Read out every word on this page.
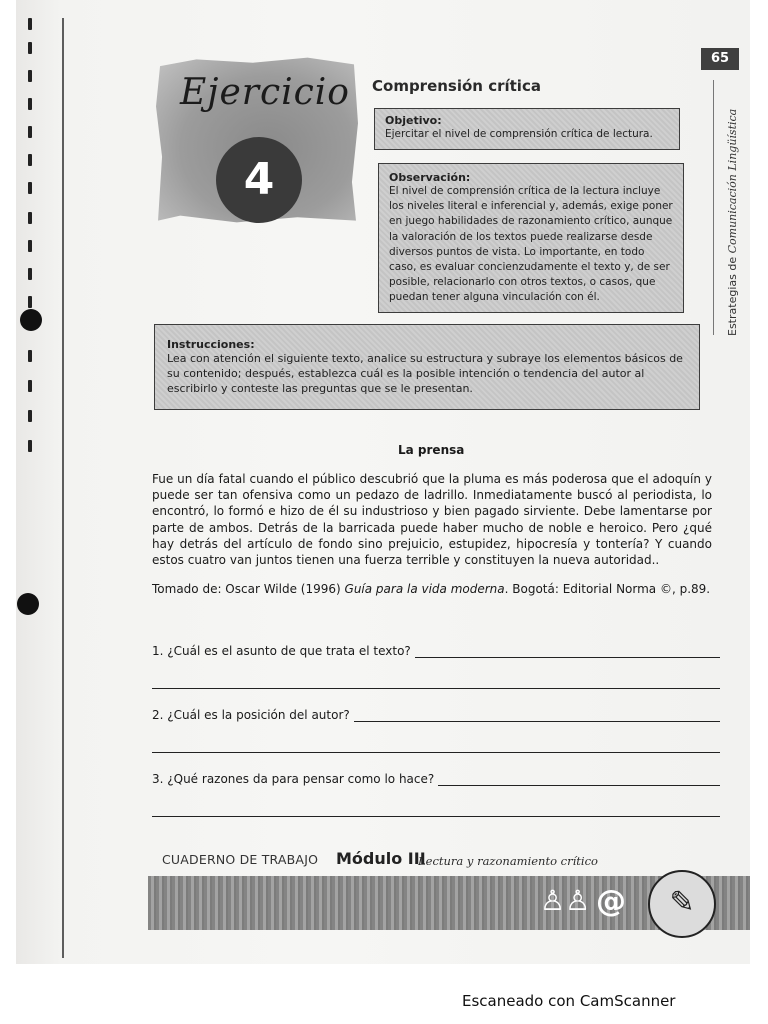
65
Estrategias de Comunicación Lingüística
Ejercicio
4
Comprensión crítica
Objetivo:
Ejercitar el nivel de comprensión crítica de lectura.
Observación:
El nivel de comprensión crítica de la lectura incluye los niveles literal e inferencial y, además, exige poner en juego habilidades de razonamiento crítico, aunque la valoración de los textos puede realizarse desde diversos puntos de vista. Lo importante, en todo caso, es evaluar concienzudamente el texto y, de ser posible, relacionarlo con otros textos, o casos, que puedan tener alguna vinculación con él.
Instrucciones:
Lea con atención el siguiente texto, analice su estructura y subraye los elementos básicos de su contenido; después, establezca cuál es la posible intención o tendencia del autor al escribirlo y conteste las preguntas que se le presentan.
La prensa
Fue un día fatal cuando el público descubrió que la pluma es más poderosa que el adoquín y puede ser tan ofensiva como un pedazo de ladrillo. Inmediatamente buscó al periodista, lo encontró, lo formó e hizo de él su industrioso y bien pagado sirviente. Debe lamentarse por parte de ambos. Detrás de la barricada puede haber mucho de noble e heroico. Pero ¿qué hay detrás del artículo de fondo sino prejuicio, estupidez, hipocresía y tontería? Y cuando estos cuatro van juntos tienen una fuerza terrible y constituyen la nueva autoridad..
Tomado de: Oscar Wilde (1996) Guía para la vida moderna. Bogotá: Editorial Norma ©, p.89.
1. ¿Cuál es el asunto de que trata el texto?
2. ¿Cuál es la posición del autor?
3. ¿Qué razones da para pensar como lo hace?
CUADERNO DE TRABAJO Módulo III
Lectura y razonamiento crítico
♙♙ @	✎
Escaneado con CamScanner
